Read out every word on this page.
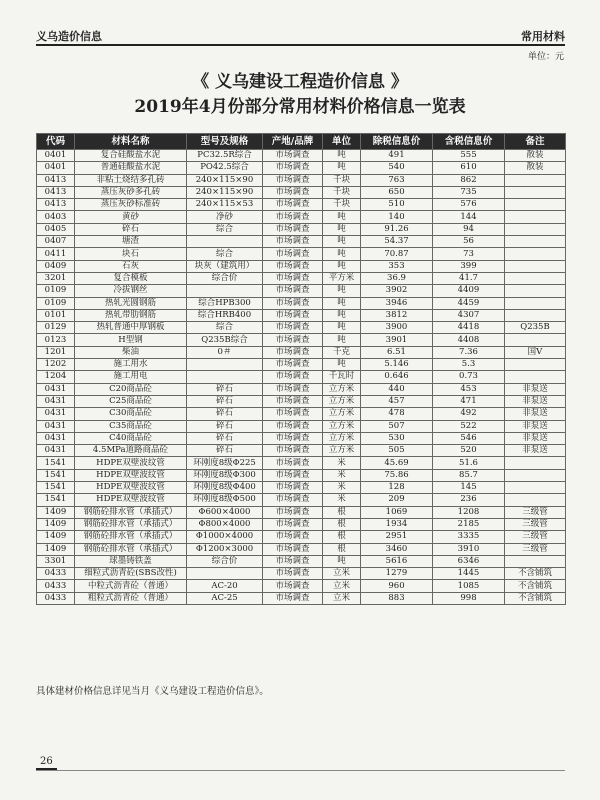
义乌造价信息	常用材料
单位：元
《 义乌建设工程造价信息 》
2019年4月份部分常用材料价格信息一览表
代码	材料名称	型号及规格	产地/品牌	单位	除税信息价	含税信息价	备注
0401	复合硅酸盐水泥	PC32.5R综合	市场调查	吨	491	555	散装
0401	普通硅酸盐水泥	PO42.5综合	市场调查	吨	540	610	散装
0413	非粘土烧结多孔砖	240×115×90	市场调查	千块	763	862	
0413	蒸压灰砂多孔砖	240×115×90	市场调查	千块	650	735	
0413	蒸压灰砂标准砖	240×115×53	市场调查	千块	510	576	
0403	黄砂	净砂	市场调查	吨	140	144	
0405	碎石	综合	市场调查	吨	91.26	94	
0407	塘渣		市场调查	吨	54.37	56	
0411	块石	综合	市场调查	吨	70.87	73	
0409	石灰	块灰（建筑用）	市场调查	吨	353	399	
3201	复合模板	综合价	市场调查	平方米	36.9	41.7	
0109	冷拔钢丝		市场调查	吨	3902	4409	
0109	热轧光圆钢筋	综合HPB300	市场调查	吨	3946	4459	
0101	热轧带肋钢筋	综合HRB400	市场调查	吨	3812	4307	
0129	热轧普通中厚钢板	综合	市场调查	吨	3900	4418	Q235B
0123	H型钢	Q235B综合	市场调查	吨	3901	4408	
1201	柴油	0＃	市场调查	千克	6.51	7.36	国V
1202	施工用水		市场调查	吨	5.146	5.3	
1204	施工用电		市场调查	千瓦时	0.646	0.73	
0431	C20商品砼	碎石	市场调查	立方米	440	453	非泵送
0431	C25商品砼	碎石	市场调查	立方米	457	471	非泵送
0431	C30商品砼	碎石	市场调查	立方米	478	492	非泵送
0431	C35商品砼	碎石	市场调查	立方米	507	522	非泵送
0431	C40商品砼	碎石	市场调查	立方米	530	546	非泵送
0431	4.5MPa道路商品砼	碎石	市场调查	立方米	505	520	非泵送
1541	HDPE双壁波纹管	环刚度8级Φ225	市场调查	米	45.69	51.6	
1541	HDPE双壁波纹管	环刚度8级Φ300	市场调查	米	75.86	85.7	
1541	HDPE双壁波纹管	环刚度8级Φ400	市场调查	米	128	145	
1541	HDPE双壁波纹管	环刚度8级Φ500	市场调查	米	209	236	
1409	钢筋砼排水管（承插式）	Φ600×4000	市场调查	根	1069	1208	三级管
1409	钢筋砼排水管（承插式）	Φ800×4000	市场调查	根	1934	2185	三级管
1409	钢筋砼排水管（承插式）	Φ1000×4000	市场调查	根	2951	3335	三级管
1409	钢筋砼排水管（承插式）	Φ1200×3000	市场调查	根	3460	3910	三级管
3301	球墨铸铁盖	综合价	市场调查	吨	5616	6346	
0433	细粒式沥青砼(SBS改性)		市场调查	立米	1279	1445	不含铺筑
0433	中粒式沥青砼（普通）	AC-20	市场调查	立米	960	1085	不含铺筑
0433	粗粒式沥青砼（普通）	AC-25	市场调查	立米	883	998	不含铺筑
具体建材价格信息详见当月《义乌建设工程造价信息》。
26
